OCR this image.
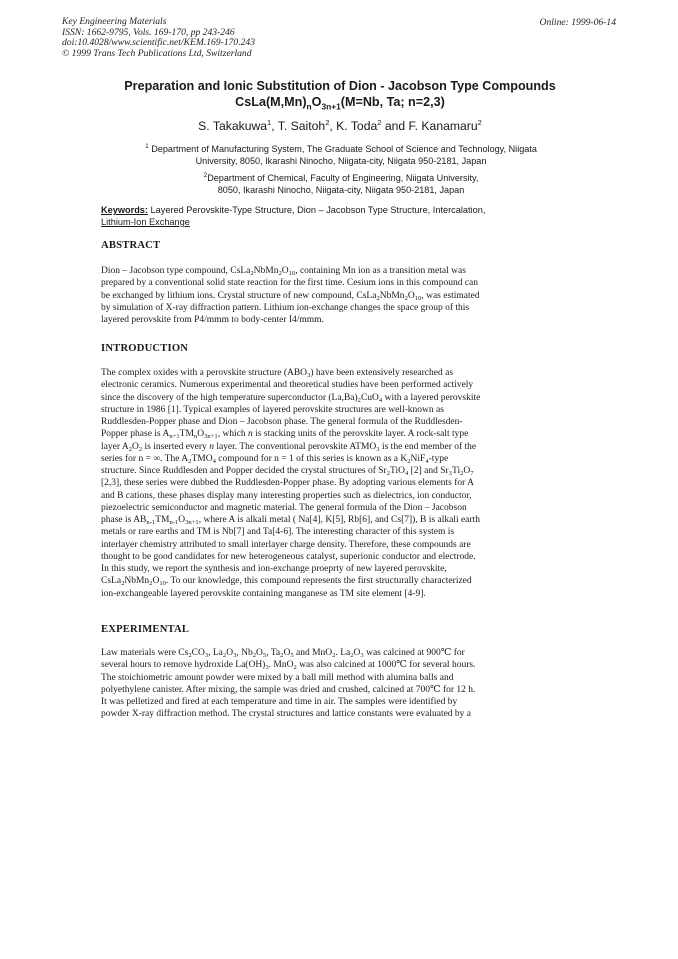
Key Engineering Materials
ISSN: 1662-9795, Vols. 169-170, pp 243-246
doi:10.4028/www.scientific.net/KEM.169-170.243
© 1999 Trans Tech Publications Ltd, Switzerland
Online: 1999-06-14
Preparation and Ionic Substitution of Dion - Jacobson Type Compounds
$CsLa(M,Mn)_nO_{3n+1}(M=Nb$, Ta; n=2,3)
S. Takakuwa$^1$, T. Saitoh$^2$, K. Toda$^2$ and F. Kanamaru$^2$
$^1$ Department of Manufacturing System, The Graduate School of Science and Technology, Niigata
University, 8050, Ikarashi Ninocho, Niigata-city, Niigata 950-2181, Japan
$^2$Department of Chemical, Faculty of Engineering, Niigata University,
8050, Ikarashi Ninocho, Niigata-city, Niigata 950-2181, Japan
Keywords: Layered Perovskite-Type Structure, Dion – Jacobson Type Structure, Intercalation,
Lithium-Ion Exchange
ABSTRACT
Dion – Jacobson type compound, $CsLa_2NbMn_2O_{10}$, containing Mn ion as a transition metal was
prepared by a conventional solid state reaction for the first time. Cesium ions in this compound can
be exchanged by lithium ions. Crystal structure of new compound, $CsLa_2NbMn_2O_{10}$, was estimated
by simulation of X-ray diffraction pattern. Lithium ion-exchange changes the space group of this
layered perovskite from P4/mmm to body-center I4/mmm.
INTRODUCTION
The complex oxides with a perovskite structure $(ABO_3)$ have been extensively researched as
electronic ceramics. Numerous experimental and theoretical studies have been performed actively
since the discovery of the high temperature superconductor $(La,Ba)_2CuO_4$ with a layered perovskite
structure in 1986 [1]. Typical examples of layered perovskite structures are well-known as
Ruddlesden-Popper phase and Dion – Jacobson phase. The general formula of the Ruddlesden-
Popper phase is $A_{n+1}TM_nO_{3n+1}$, which n is stacking units of the perovskite layer. A rock-salt type
layer $A_2O_2$ is inserted every n layer. The conventional perovskite $ATMO_3$ is the end member of the
series for n = ∞. The $A_2TMO_4$ compound for n = 1 of this series is known as a $K_2NiF_4$-type
structure. Since Ruddlesden and Popper decided the crystal structures of $Sr_2TiO_4$ [2] and $Sr_3Ti_2O_7$
[2,3], these series were dubbed the Ruddlesden-Popper phase. By adopting various elements for A
and B cations, these phases display many interesting properties such as dielectrics, ion conductor,
piezoelectric semiconductor and magnetic material. The general formula of the Dion – Jacobson
phase is $AB_{n-1}TM_{n-1}O_{3n+1}$, where A is alkali metal ( Na[4], K[5], Rb[6], and Cs[7]), B is alkali earth
metals or rare earths and TM is Nb[7] and Ta[4-6]. The interesting character of this system is
interlayer chemistry attributed to small interlayer charge density. Therefore, these compounds are
thought to be good candidates for new heterogeneous catalyst, superionic conductor and electrode.
In this study, we report the synthesis and ion-exchange proeprty of new layered perovskite,
$CsLa_2NbMn_2O_{10}$. To our knowledge, this compound represents the first structurally characterized
ion-exchangeable layered perovskite containing manganese as TM site element [4-9].
EXPERIMENTAL
Law materials were $Cs_2CO_3$, $La_2O_3$, $Nb_2O_5$, $Ta_2O_5$ and MnO$_2$. $La_2O_3$ was calcined at 900℃ for
several hours to remove hydroxide $La(OH)_3$. MnO$_2$ was also calcined at 1000℃ for several hours.
The stoichiometric amount powder were mixed by a ball mill method with alumina balls and
polyethylene canister. After mixing, the sample was dried and crushed, calcined at 700℃ for 12 h.
It was pelletized and fired at each temperature and time in air. The samples were identified by
powder X-ray diffraction method. The crystal structures and lattice constants were evaluated by a
